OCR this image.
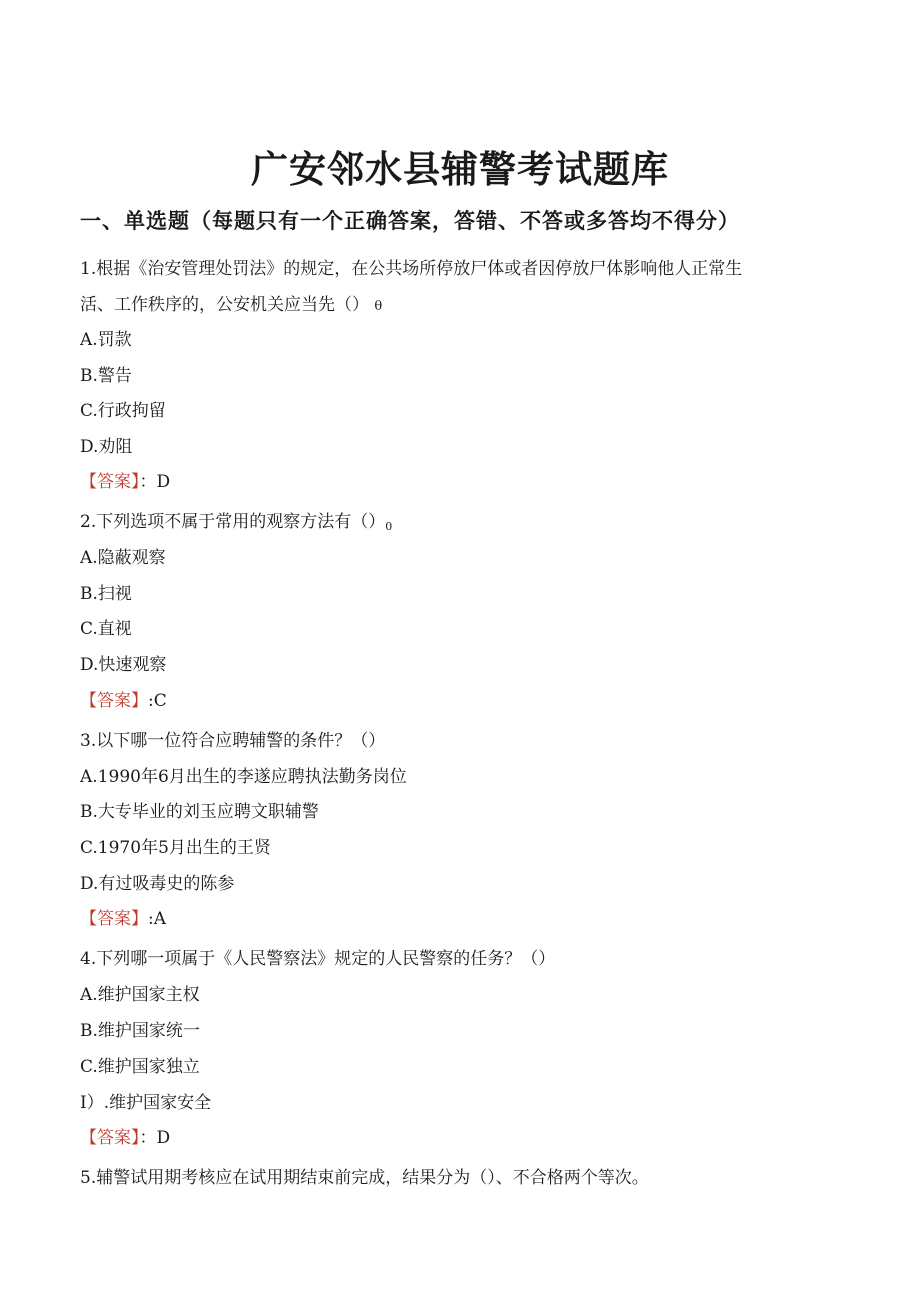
广安邻水县辅警考试题库
一、单选题（每题只有一个正确答案，答错、不答或多答均不得分）
1.根据《治安管理处罚法》的规定，在公共场所停放尸体或者因停放尸体影响他人正常生
活、工作秩序的，公安机关应当先（） θ
A.罚款
B.警告
C.行政拘留
D.劝阻
【答案】：D
2.下列选项不属于常用的观察方法有$()_0$
A.隐蔽观察
B.扫视
C.直视
D.快速观察
【答案】:C
3.以下哪一位符合应聘辅警的条件？（）
A.1990年6月出生的李遂应聘执法勤务岗位
B.大专毕业的刘玉应聘文职辅警
C.1970年5月出生的王贤
D.有过吸毒史的陈参
【答案】:A
4.下列哪一项属于《人民警察法》规定的人民警察的任务？（）
A.维护国家主权
B.维护国家统一
C.维护国家独立
I）.维护国家安全
【答案】：D
5.辅警试用期考核应在试用期结束前完成，结果分为（）、不合格两个等次。
